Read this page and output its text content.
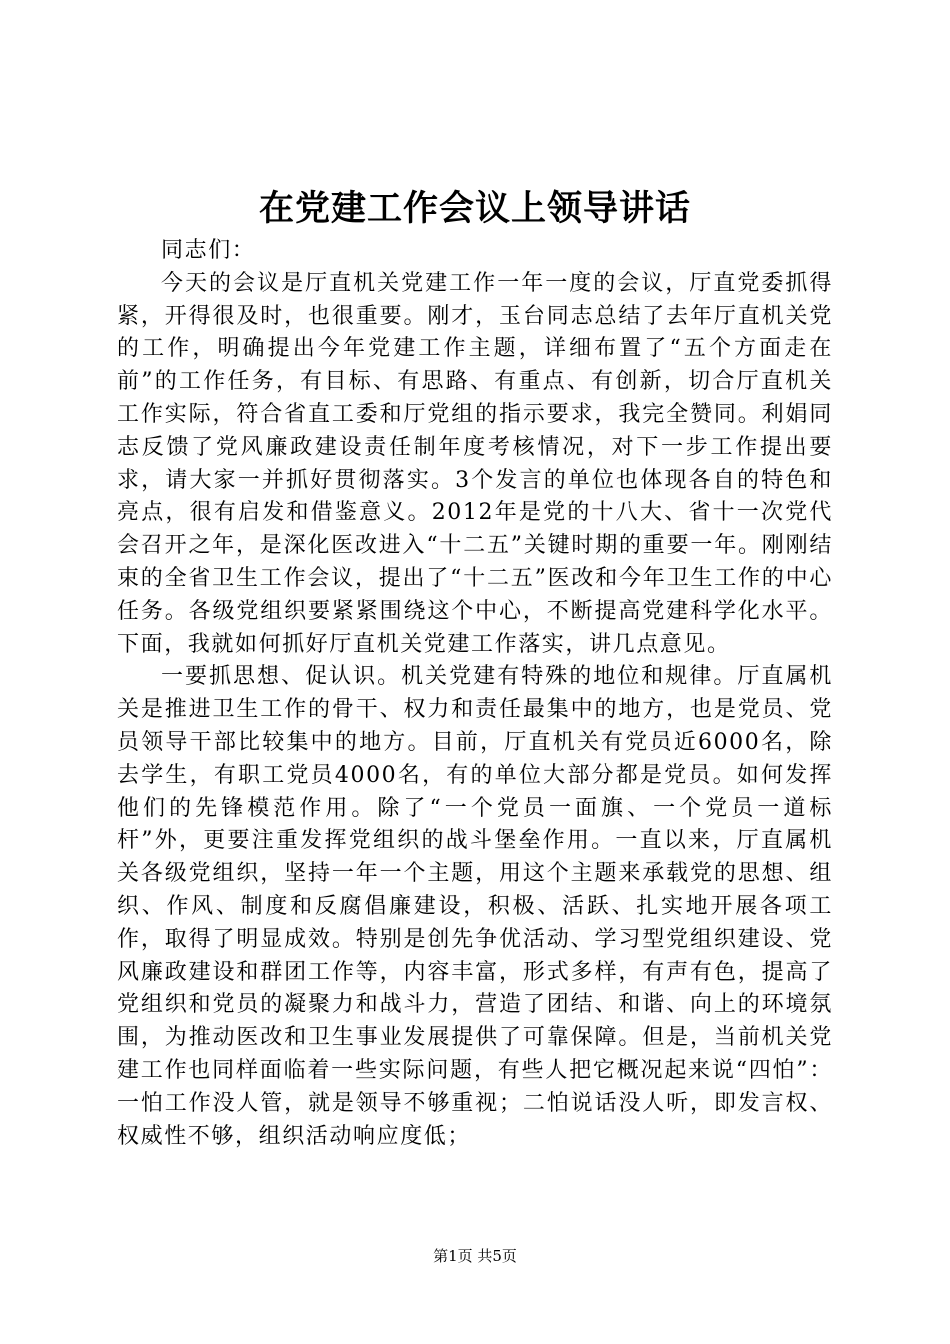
在党建工作会议上领导讲话

同志们：

今天的会议是厅直机关党建工作一年一度的会议，厅直党委抓得紧，开得很及时，也很重要。刚才，玉台同志总结了去年厅直机关党的工作，明确提出今年党建工作主题，详细布置了“五个方面走在前”的工作任务，有目标、有思路、有重点、有创新，切合厅直机关工作实际，符合省直工委和厅党组的指示要求，我完全赞同。利娟同志反馈了党风廉政建设责任制年度考核情况，对下一步工作提出要求，请大家一并抓好贯彻落实。3个发言的单位也体现各自的特色和亮点，很有启发和借鉴意义。2012年是党的十八大、省十一次党代会召开之年，是深化医改进入“十二五”关键时期的重要一年。刚刚结束的全省卫生工作会议，提出了“十二五”医改和今年卫生工作的中心任务。各级党组织要紧紧围绕这个中心，不断提高党建科学化水平。下面，我就如何抓好厅直机关党建工作落实，讲几点意见。

一要抓思想、促认识。机关党建有特殊的地位和规律。厅直属机关是推进卫生工作的骨干、权力和责任最集中的地方，也是党员、党员领导干部比较集中的地方。目前，厅直机关有党员近6000名，除去学生，有职工党员4000名，有的单位大部分都是党员。如何发挥他们的先锋模范作用。除了“一个党员一面旗、一个党员一道标杆”外，更要注重发挥党组织的战斗堡垒作用。一直以来，厅直属机关各级党组织，坚持一年一个主题，用这个主题来承载党的思想、组织、作风、制度和反腐倡廉建设，积极、活跃、扎实地开展各项工作，取得了明显成效。特别是创先争优活动、学习型党组织建设、党风廉政建设和群团工作等，内容丰富，形式多样，有声有色，提高了党组织和党员的凝聚力和战斗力，营造了团结、和谐、向上的环境氛围，为推动医改和卫生事业发展提供了可靠保障。但是，当前机关党建工作也同样面临着一些实际问题，有些人把它概况起来说“四怕”：一怕工作没人管，就是领导不够重视；二怕说话没人听，即发言权、权威性不够，组织活动响应度低；

第1页 共5页
